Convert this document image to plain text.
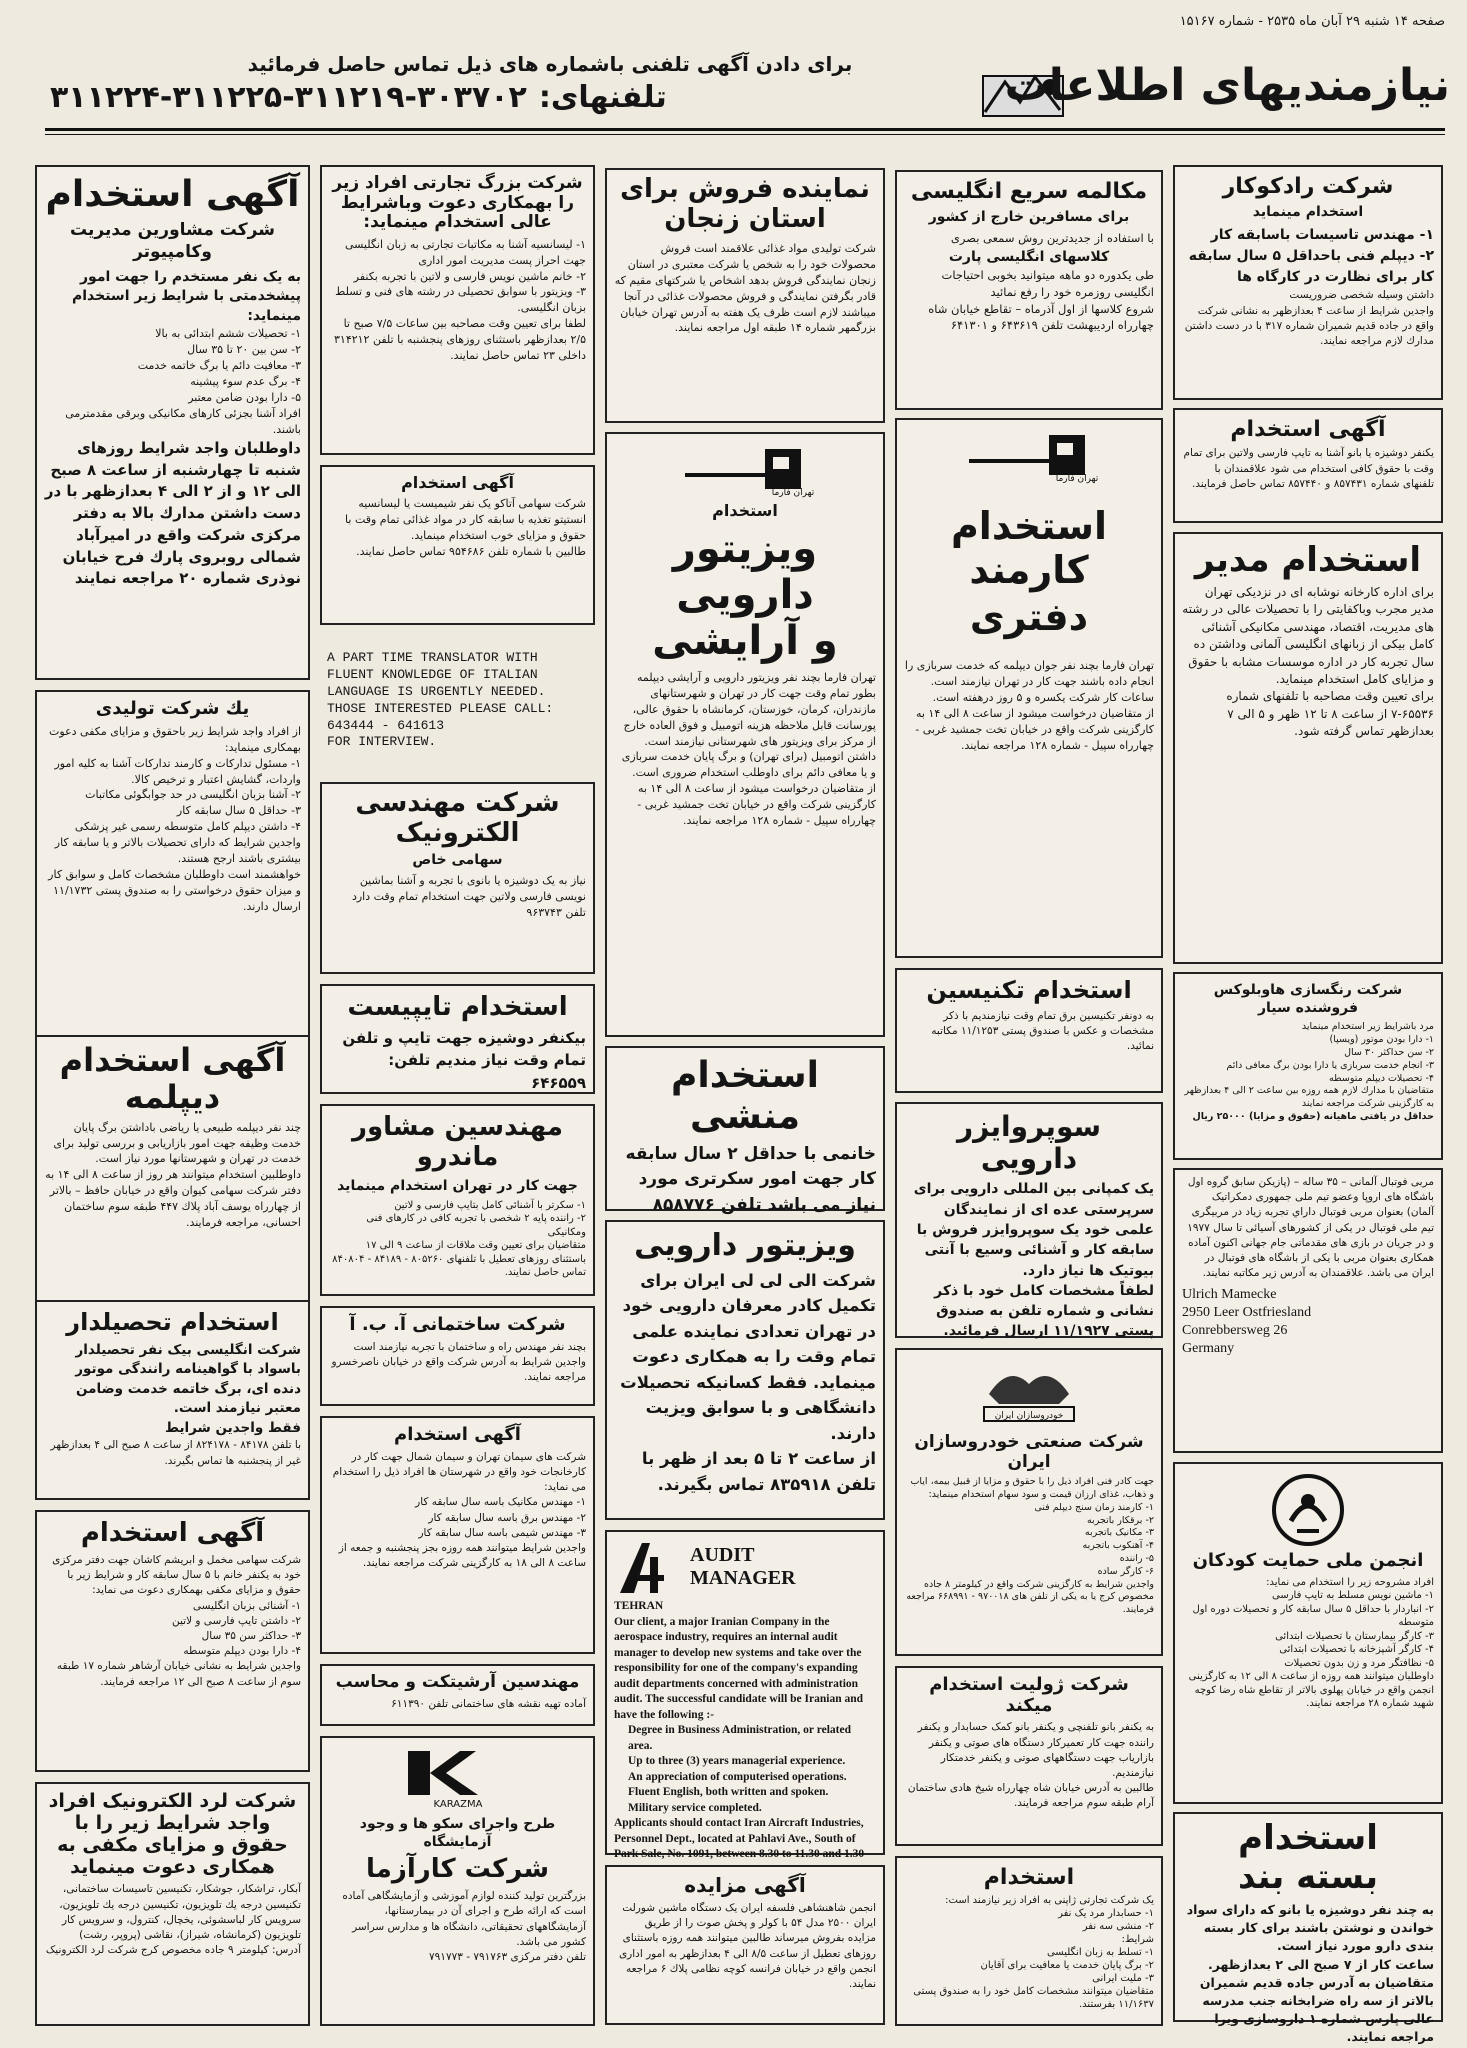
صفحه ۱۴ شنبه ۲۹ آبان ماه ۲۵۳۵ - شماره ۱۵۱۶۷
برای دادن آگهی تلفنی باشماره های ذیل تماس حاصل فرمائید
تلفنهای:۳۰۳۷۰۲-۳۱۱۲۱۹-۳۱۱۲۲۵-۳۱۱۲۲۴	نیازمندیهای اطلاعات
شرکت رادکوکار
استخدام مینماید
۱- مهندس تاسیسات باسابقه کار
۲- دیپلم فنی باحداقل ۵ سال سابقه کار برای نظارت در کارگاه ها
داشتن وسیله شخصی ضروریست
واجدین شرایط از ساعت ۴ بعدازظهر به نشانی شرکت واقع در جاده قدیم شمیران شماره ۳۱۷ با در دست داشتن مدارك لازم مراجعه نمایند.
آگهی استخدام
یکنفر دوشیزه یا بانو آشنا به تایپ فارسی ولاتین برای تمام وقت با حقوق کافی استخدام می شود علاقمندان با تلفنهای شماره ۸۵۷۴۳۱ و ۸۵۷۴۴۰ تماس حاصل فرمایند.
استخدام مدیر
برای اداره کارخانه نوشابه ای در نزدیکی تهران مدیر مجرب وباکفایتی را با تحصیلات عالی در رشته های مدیریت، اقتصاد، مهندسی مکانیکی آشنائی کامل بیکی از زبانهای انگلیسی آلمانی وداشتن ده سال تجربه کار در اداره موسسات مشابه با حقوق و مزایای کامل استخدام مینماید.
برای تعیین وقت مصاحبه با تلفنهای شماره ۶۵۵۳۶-۷ از ساعت ۸ تا ۱۲ ظهر و ۵ الی ۷ بعدازظهر تماس گرفته شود.
شرکت رنگسازی هاوبلوکس فروشنده سیار
مرد باشرایط زیر استخدام مینماید
۱- دارا بودن موتور (ویسپا)
۲- سن حداکثر ۳۰ سال
۳- انجام خدمت سربازی یا دارا بودن برگ معافی دائم
۴- تحصیلات دیپلم متوسطه
متقاضیان با مدارك لازم همه روزه بین ساعت ۲ الی ۴ بعدازظهر به کارگزینی شرکت مراجعه نمایند
حداقل در یافتی ماهیانه (حقوق و مزایا) ۲۵۰۰۰ ریال
مربی فوتبال آلمانی – ۳۵ ساله – (پازیکن سابق گروه اول باشگاه های اروپا وعضو تیم ملی جمهوری دمکراتیک آلمان) بعنوان مربی فوتبال داراي تجربه زیاد در مربیگری تیم ملی فوتبال در یکی از کشورهای آسیائی تا سال ۱۹۷۷ و در جریان در بازی های مقدماتی جام جهانی اکنون آماده همکاری بعنوان مربی با یکی از باشگاه های فوتبال در ایران می باشد. علاقمندان به آدرس زیر مکاتبه نمایند.
Ulrich Mamecke
2950 Leer Ostfriesland
Conrebbersweg 26
Germany
انجمن ملی حمایت کودکان
افراد مشروحه زیر را استخدام می نماید:
۱- ماشین نویس مسلط به تایپ فارسی
۲- انباردار با حداقل ۵ سال سابقه کار و تحصیلات دوره اول متوسطه
۳- کارگر بیمارستان با تحصیلات ابتدائی
۴- کارگر آشپزخانه با تحصیلات ابتدائی
۵- نظافتگر مرد و زن بدون تحصیلات
داوطلبان میتوانند همه روزه از ساعت ۸ الی ۱۲ به کارگزینی انجمن واقع در خیابان پهلوی بالاتر از تقاطع شاه رضا کوچه شهید شماره ۲۸ مراجعه نمایند.
استخدام
بسته بند
به چند نفر دوشیزه یا بانو که دارای سواد خواندن و نوشتن باشند برای کار بسته بندی دارو مورد نیاز است.
ساعت کار از ۷ صبح الی ۲ بعدازظهر. متقاضیان به آدرس جاده قدیم شمیران بالاتر از سه راه ضرابخانه جنب مدرسه عالی پارس شماره ۱ داروسازی ویرا مراجعه نمایند.
مکالمه سریع انگلیسی
برای مسافرین خارج از کشور
با استفاده از جدیدترین روش سمعی بصری
کلاسهای انگلیسی پارت
طی یکدوره دو ماهه میتوانید بخوبی احتیاجات انگلیسی روزمره خود را رفع نمائید
شروع کلاسها از اول آذرماه – تقاطع خیابان شاه چهارراه اردیبهشت تلفن ۶۴۳۶۱۹ و ۶۴۱۳۰۱
تهران فارما
استخدام کارمند
دفتری
تهران فارما بچند نفر جوان دیپلمه که خدمت سربازی را انجام داده باشند جهت کار در تهران نیازمند است.
ساعات کار شرکت یکسره و ۵ روز درهفته است.
از متقاضیان درخواست میشود از ساعت ۸ الی ۱۴ به کارگزینی شرکت واقع در خیابان تخت جمشید غربی - چهارراه سپیل - شماره ۱۲۸ مراجعه نمایند.
استخدام تکنیسین
به دونفر تکنیسین برق تمام وقت نیازمندیم با ذکر مشخصات و عکس با صندوق پستی ۱۱/۱۲۵۳ مکاتبه نمائید.
سوپروایزر دارویی
یک کمپانی بین المللی دارویی برای سرپرستی عده ای از نمایندگان علمی خود یک سوپروایزر فروش با سابقه کار و آشنائی وسیع با آنتی بیوتیک ها نیاز دارد.
لطفاً مشخصات کامل خود با ذکر نشانی و شماره تلفن به صندوق پستی ۱۱/۱۹۲۷ ارسال فرمائید.
خودروسازان ایران
شرکت صنعتی خودروسازان ایران
جهت کادر فنی افراد ذیل را با حقوق و مزایا از قبیل بیمه، ایاب و ذهاب، غذای ارزان قیمت و سود سهام استخدام مینماید:
۱- کارمند زمان سنج دیپلم فنی
۲- برقکار باتجربه
۳- مکانیک باتجربه
۴- آهنکوب باتجربه
۵- راننده
۶- کارگر ساده
واجدین شرایط به کارگزینی شرکت واقع در کیلومتر ۸ جاده مخصوص کرج یا به یکی از تلفن های ۹۷۰۰۱۸ - ۶۶۸۹۹۱ مراجعه فرمایند.
شرکت ژولیت استخدام میکند
به یکنفر بانو تلفنچی و یکنفر بانو کمک حسابدار و یکنفر راننده جهت کار تعمیرکار دستگاه های صوتی و یکنفر بازاریاب جهت دستگاههای صوتی و یکنفر خدمتکار نیازمندیم.
طالبین به آدرس خیابان شاه چهارراه شیخ هادی ساختمان آرام طبقه سوم مراجعه فرمایند.
استخدام
یک شرکت تجارتی ژاپنی به افراد زیر نیازمند است:
۱- حسابدار مرد یک نفر
۲- منشی سه نفر
شرایط:
۱- تسلط به زبان انگلیسی
۲- برگ پایان خدمت یا معافیت برای آقایان
۳- ملیت ایرانی
متقاضیان میتوانند مشخصات کامل خود را به صندوق پستی ۱۱/۱۶۳۷ بفرستند.
نماینده فروش برای
استان زنجان
شرکت تولیدی مواد غذائی علاقمند است فروش محصولات خود را به شخص یا شرکت معتبری در استان زنجان نمایندگی فروش بدهد اشخاص یا شرکتهای مقیم که قادر بگرفتن نمایندگی و فروش محصولات غذائی در آنجا میباشند لازم است ظرف یک هفته به آدرس تهران خیابان بزرگمهر شماره ۱۴ طبقه اول مراجعه نمایند.
تهران فارما
استخدام
ویزیتور دارویی
و آرایشی
تهران فارما بچند نفر ویزیتور دارویی و آرایشی دیپلمه بطور تمام وقت جهت کار در تهران و شهرستانهای مازندران، کرمان، خوزستان، کرمانشاه با حقوق عالی، پورسانت قابل ملاحظه هزینه اتومبیل و فوق العاده خارج از مرکز برای ویزیتور های شهرستانی نیازمند است.
داشتن اتومبیل (برای تهران) و برگ پایان خدمت سربازی و یا معافی دائم برای داوطلب استخدام ضروری است.
از متقاضیان درخواست میشود از ساعت ۸ الی ۱۴ به کارگزینی شرکت واقع در خیابان تخت جمشید غربی - چهارراه سپیل - شماره ۱۲۸ مراجعه نمایند.
استخدام منشی
خانمی با حداقل ۲ سال سابقه کار جهت امور سکرتری مورد نیاز می باشد تلفن ۸۵۸۷۷۶
ویزیتور دارویی
شرکت الی لی لی ایران برای تکمیل کادر معرفان دارویی خود در تهران تعدادی نماینده علمی تمام وقت را به همکاری دعوت مینماید. فقط کسانیکه تحصیلات دانشگاهی و با سوابق ویزیت دارند.
از ساعت ۲ تا ۵ بعد از ظهر با تلفن ۸۳۵۹۱۸ تماس بگیرند.
AUDIT MANAGER
TEHRAN
Our client, a major Iranian Company in the aerospace industry, requires an internal audit manager to develop new systems and take over the responsibility for one of the company's expanding audit departments concerned with administration audit. The successful candidate will be Iranian and have the following :-
Degree in Business Administration, or related area.
Up to three (3) years managerial experience.
An appreciation of computerised operations.
Fluent English, both written and spoken.
Military service completed.
Applicants should contact Iran Aircraft Industries, Personnel Dept., located at Pahlavi Ave., South of Park Sale, No. 1091, between 8.30 to 11.30 and 1.30
آگهی مزایده
انجمن شاهنشاهی فلسفه ایران یک دستگاه ماشین شورلت ایران ۲۵۰۰ مدل ۵۴ با کولر و پخش صوت را از طریق مزایده بفروش میرساند طالبین میتوانند همه روزه باستثنای روزهای تعطیل از ساعت ۸/۵ الی ۴ بعدازظهر به امور اداری انجمن واقع در خیابان فرانسه کوچه نظامی پلاك ۶ مراجعه نمایند.
شرکت بزرگ تجارتی افراد زیر را بهمکاری دعوت وباشرایط عالی استخدام مینماید:
۱- لیسانسیه آشنا به مکاتبات تجارتی به زبان انگلیسی جهت احراز پست مدیریت امور اداری
۲- خانم ماشین نویس فارسی و لاتین با تجربه بکنفر
۳- ویزیتور با سوابق تحصیلی در رشته های فنی و تسلط بزبان انگلیسی.
لطفا برای تعیین وقت مصاحبه بین ساعات ۷/۵ صبح تا ۲/۵ بعدازظهر باستثنای روزهای پنجشنبه با تلفن ۳۱۴۲۱۲ داخلی ۲۳ تماس حاصل نمایند.
آگهی استخدام
شرکت سهامی آتاکو یک نفر شیمیست یا لیسانسیه انستیتو تغذیه با سابقه کار در مواد غذائی تمام وقت با حقوق و مزایای خوب استخدام مینماید.
طالبین با شماره تلفن ۹۵۴۶۸۶ تماس حاصل نمایند.
A PART TIME TRANSLATOR WITH FLUENT KNOWLEDGE OF ITALIAN LANGUAGE IS URGENTLY NEEDED.
THOSE INTERESTED PLEASE CALL: 643444 - 641613
FOR INTERVIEW.
شرکت مهندسی
الکترونیک
سهامی خاص
نیاز به یک دوشیزه یا بانوی با تجربه و آشنا بماشین نویسی فارسی ولاتین جهت استخدام تمام وقت دارد تلفن ۹۶۳۷۴۳
استخدام تایپیست
بیکنفر دوشیزه جهت تایپ و تلفن تمام وقت نیاز مندیم تلفن: ۶۴۶۵۵۹
مهندسین مشاور ماندرو
جهت کار در تهران استخدام مینماید
۱- سکرتر با آشنائی کامل بتایپ فارسی و لاتین
۲- راننده پایه ۲ شخصی با تجربه کافی در کارهای فنی ومکانیکی
متقاضیان برای تعیین وقت ملاقات از ساعت ۹ الی ۱۷ باستثنای روزهای تعطیل با تلفنهای ۸۰۵۲۶۰ - ۸۴۱۸۹ - ۸۴۰۸۰۴ تماس حاصل نمایند.
شرکت ساختمانی آ. ب. آ
بچند نفر مهندس راه و ساختمان با تجربه نیازمند است واجدین شرایط به آدرس شرکت واقع در خیابان ناصرخسرو مراجعه نمایند.
آگهی استخدام
شرکت های سیمان تهران و سیمان شمال جهت کار در کارخانجات خود واقع در شهرستان ها افراد ذیل را استخدام می نماید:
۱- مهندس مکانیک باسه سال سابقه کار
۲- مهندس برق باسه سال سابقه کار
۳- مهندس شیمی باسه سال سابقه کار
واجدین شرایط میتوانند همه روزه بجز پنجشنبه و جمعه از ساعت ۸ الی ۱۸ به کارگزینی شرکت مراجعه نمایند.
مهندسین آرشیتکت و محاسب
آماده تهیه نقشه های ساختمانی تلفن ۶۱۱۳۹۰
KARAZMA
طرح واجرای سکو ها و وجود آزمایشگاه
شرکت کارآزما
بزرگترین تولید کننده لوازم آموزشی و آزمایشگاهی آماده است که ارائه طرح و اجرای آن در بیمارستانها، آزمایشگاههای تحقیقاتی، دانشگاه ها و مدارس سراسر کشور می باشد.
تلفن دفتر مرکزی ۷۹۱۷۶۳ - ۷۹۱۷۷۳
آگهی استخدام
شرکت مشاورین مدیریت وکامپیوتر
به یک نفر مستخدم را جهت امور پیشخدمتی با شرایط زیر استخدام مینماید:
۱- تحصیلات ششم ابتدائی به بالا
۲- سن بین ۲۰ تا ۳۵ سال
۳- معافیت دائم یا برگ خاتمه خدمت
۴- برگ عدم سوء پیشینه
۵- دارا بودن ضامن معتبر
افراد آشنا بجزئی کارهای مکانیکی وبرقی مقدمترمی باشند.
داوطلبان واجد شرایط روزهای شنبه تا چهارشنبه از ساعت ۸ صبح الی ۱۲ و از ۲ الی ۴ بعدازظهر با در دست داشتن مدارك بالا به دفتر مرکزی شرکت واقع در امیرآباد شمالی روبروی پارك فرح خیابان نوذری شماره ۲۰ مراجعه نمایند
یك شرکت تولیدی
از افراد واجد شرایط زیر باحقوق و مزایای مکفی دعوت بهمکاری مینماید:
۱- مسئول تدارکات و کارمند تدارکات آشنا به کلیه امور واردات، گشایش اعتبار و ترخیص کالا.
۲- آشنا بزبان انگلیسی در حد جوابگوئی مکاتبات
۳- حداقل ۵ سال سابقه کار
۴- داشتن دیپلم کامل متوسطه رسمی غیر پزشکی
واجدین شرایط که دارای تحصیلات بالاتر و یا سابقه کار بیشتری باشند ارجح هستند.
خواهشمند است داوطلبان مشخصات کامل و سوابق کار و میزان حقوق درخواستی را به صندوق پستی ۱۱/۱۷۳۲ ارسال دارند.
آگهی استخدام
دیپلمه
چند نفر دیپلمه طبیعی یا ریاضی باداشتن برگ پایان خدمت وظیفه جهت امور بازاریابی و بررسی تولید برای خدمت در تهران و شهرستانها مورد نیاز است.
داوطلبین استخدام میتوانند هر روز از ساعت ۸ الی ۱۴ به دفتر شرکت سهامی کیوان واقع در خیابان حافظ – بالاتر از چهارراه یوسف آباد پلاك ۴۴۷ طبقه سوم ساختمان احسانی، مراجعه فرمایند.
استخدام تحصیلدار
شرکت انگلیسی بیک نفر تحصیلدار باسواد با گواهینامه رانندگی موتور دنده ای، برگ خاتمه خدمت وضامن معتبر نیازمند است.
فقط واجدین شرایط
با تلفن ۸۴۱۷۸ - ۸۲۴۱۷۸ از ساعت ۸ صبح الی ۴ بعدازظهر غیر از پنجشنبه ها تماس بگیرند.
آگهی استخدام
شرکت سهامی مخمل و ابریشم کاشان جهت دفتر مرکزی خود به یکنفر خانم با ۵ سال سابقه کار و شرایط زیر با حقوق و مزایای مکفی بهمکاری دعوت می نماید:
۱- آشنائی بزبان انگلیسی
۲- داشتن تایپ فارسی و لاتین
۳- حداکثر سن ۳۵ سال
۴- دارا بودن دیپلم متوسطه
واجدین شرایط به نشانی خیابان آرشاهر شماره ۱۷ طبقه سوم از ساعت ۸ صبح الی ۱۲ مراجعه فرمایند.
شرکت لرد الکترونیک افراد واجد شرایط زیر را با حقوق و مزایای مکفی به همکاری دعوت مینماید
آبکار، تراشکار، جوشکار، تکنیسین تاسیسات ساختمانی، تکنیسین درجه یك تلویزیون، تکنیسین درجه یك تلویزیون، سرویس کار لباسشوئی، یخچال، کنترول، و سرویس کار تلویزیون (کرمانشاه، شیراز)، نقاشی (پروپر، رشت)
آدرس: کیلومتر ۹ جاده مخصوص کرج شرکت لرد الکترونیک
